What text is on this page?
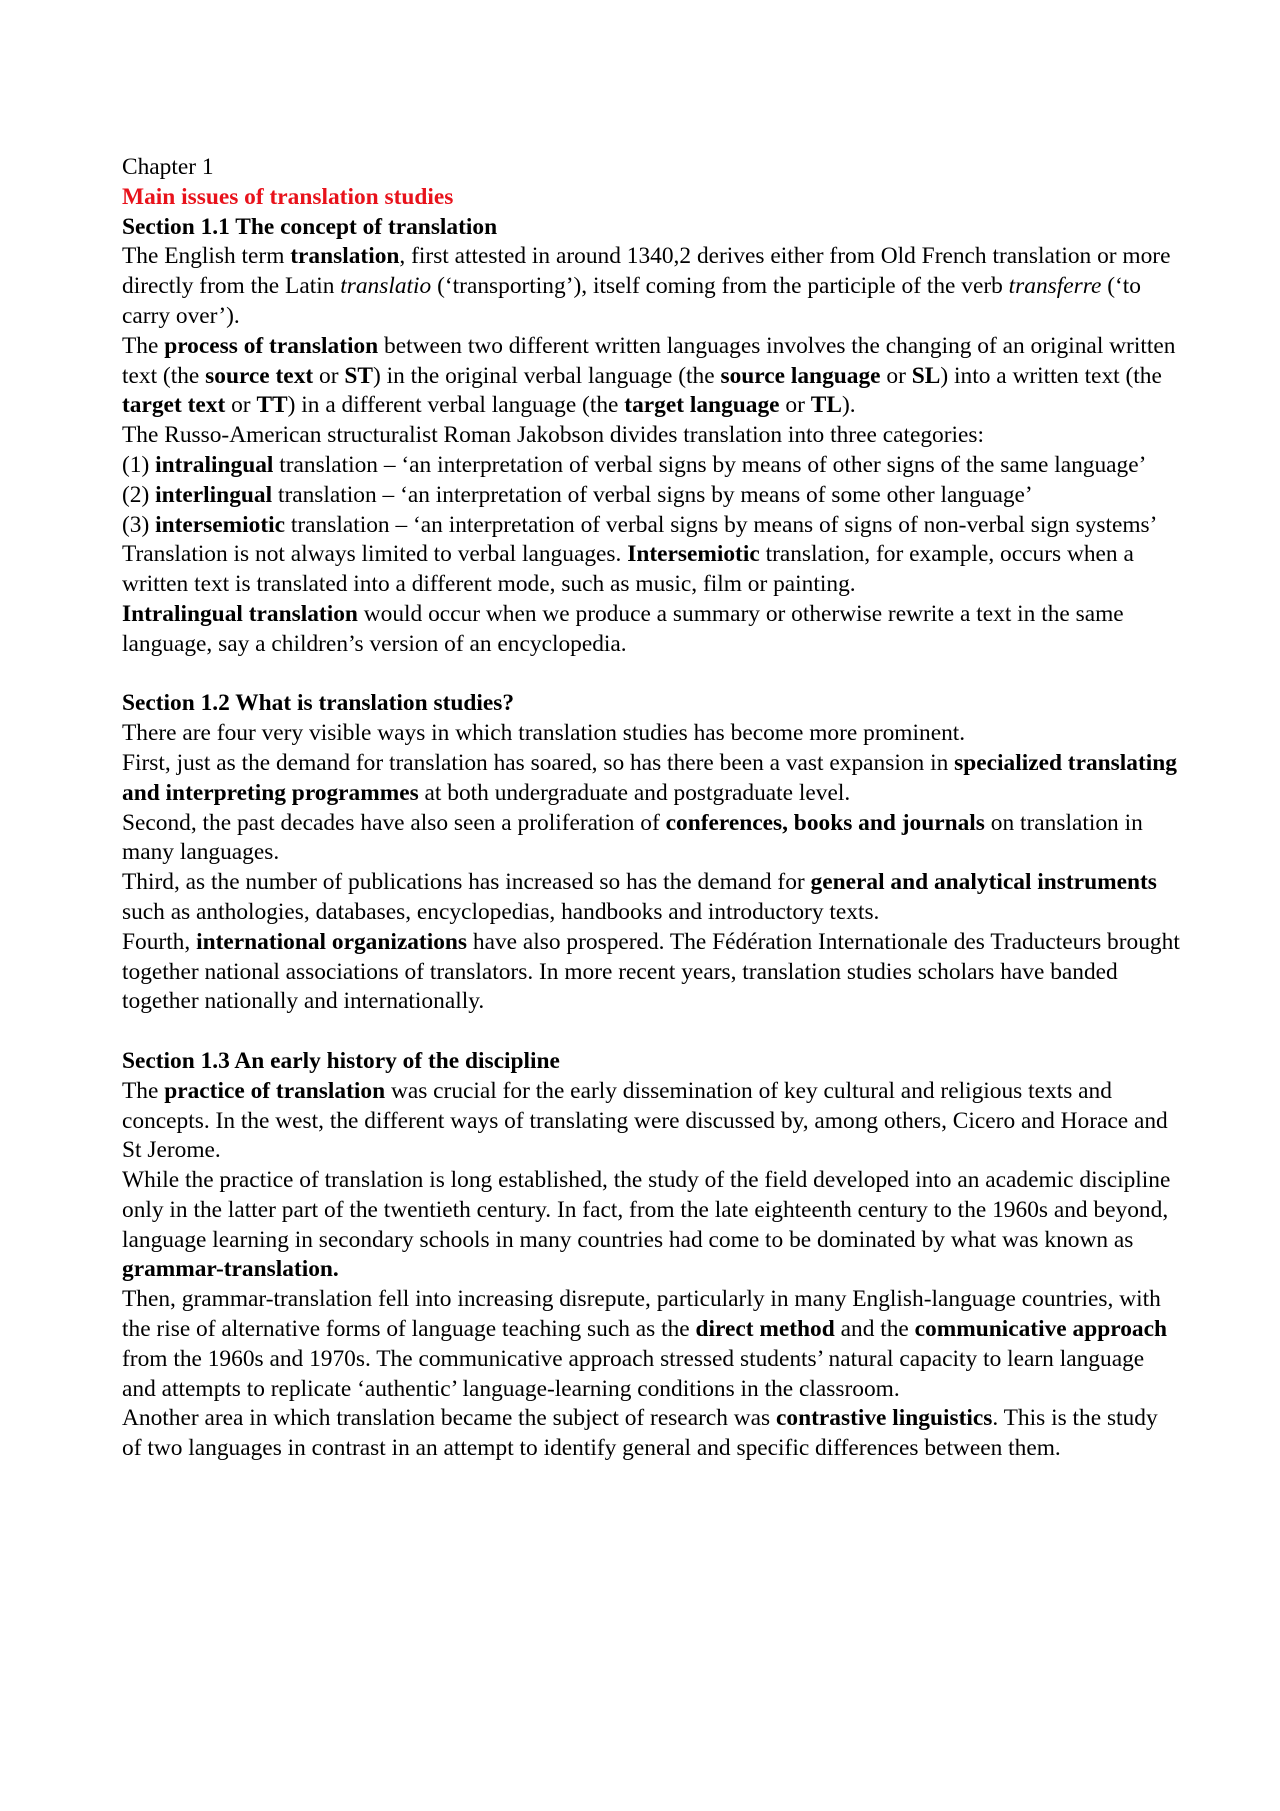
Chapter 1

Main issues of translation studies

Section 1.1 The concept of translation

The English term translation, first attested in around 1340,2 derives either from Old French translation or more directly from the Latin translatio (‘transporting’), itself coming from the participle of the verb transferre (‘to carry over’).

The process of translation between two different written languages involves the changing of an original written text (the source text or ST) in the original verbal language (the source language or SL) into a written text (the target text or TT) in a different verbal language (the target language or TL).

The Russo-American structuralist Roman Jakobson divides translation into three categories:

(1) intralingual translation – ‘an interpretation of verbal signs by means of other signs of the same language’

(2) interlingual translation – ‘an interpretation of verbal signs by means of some other language’

(3) intersemiotic translation – ‘an interpretation of verbal signs by means of signs of non-verbal sign systems’

Translation is not always limited to verbal languages. Intersemiotic translation, for example, occurs when a written text is translated into a different mode, such as music, film or painting.

Intralingual translation would occur when we produce a summary or otherwise rewrite a text in the same language, say a children’s version of an encyclopedia.

Section 1.2 What is translation studies?

There are four very visible ways in which translation studies has become more prominent.

First, just as the demand for translation has soared, so has there been a vast expansion in specialized translating and interpreting programmes at both undergraduate and postgraduate level.

Second, the past decades have also seen a proliferation of conferences, books and journals on translation in many languages.

Third, as the number of publications has increased so has the demand for general and analytical instruments such as anthologies, databases, encyclopedias, handbooks and introductory texts.

Fourth, international organizations have also prospered. The Fédération Internationale des Traducteurs brought together national associations of translators. In more recent years, translation studies scholars have banded together nationally and internationally.

Section 1.3 An early history of the discipline

The practice of translation was crucial for the early dissemination of key cultural and religious texts and concepts. In the west, the different ways of translating were discussed by, among others, Cicero and Horace and St Jerome.

While the practice of translation is long established, the study of the field developed into an academic discipline only in the latter part of the twentieth century. In fact, from the late eighteenth century to the 1960s and beyond, language learning in secondary schools in many countries had come to be dominated by what was known as grammar-translation.

Then, grammar-translation fell into increasing disrepute, particularly in many English-language countries, with the rise of alternative forms of language teaching such as the direct method and the communicative approach from the 1960s and 1970s. The communicative approach stressed students’ natural capacity to learn language and attempts to replicate ‘authentic’ language-learning conditions in the classroom.

Another area in which translation became the subject of research was contrastive linguistics. This is the study of two languages in contrast in an attempt to identify general and specific differences between them.
